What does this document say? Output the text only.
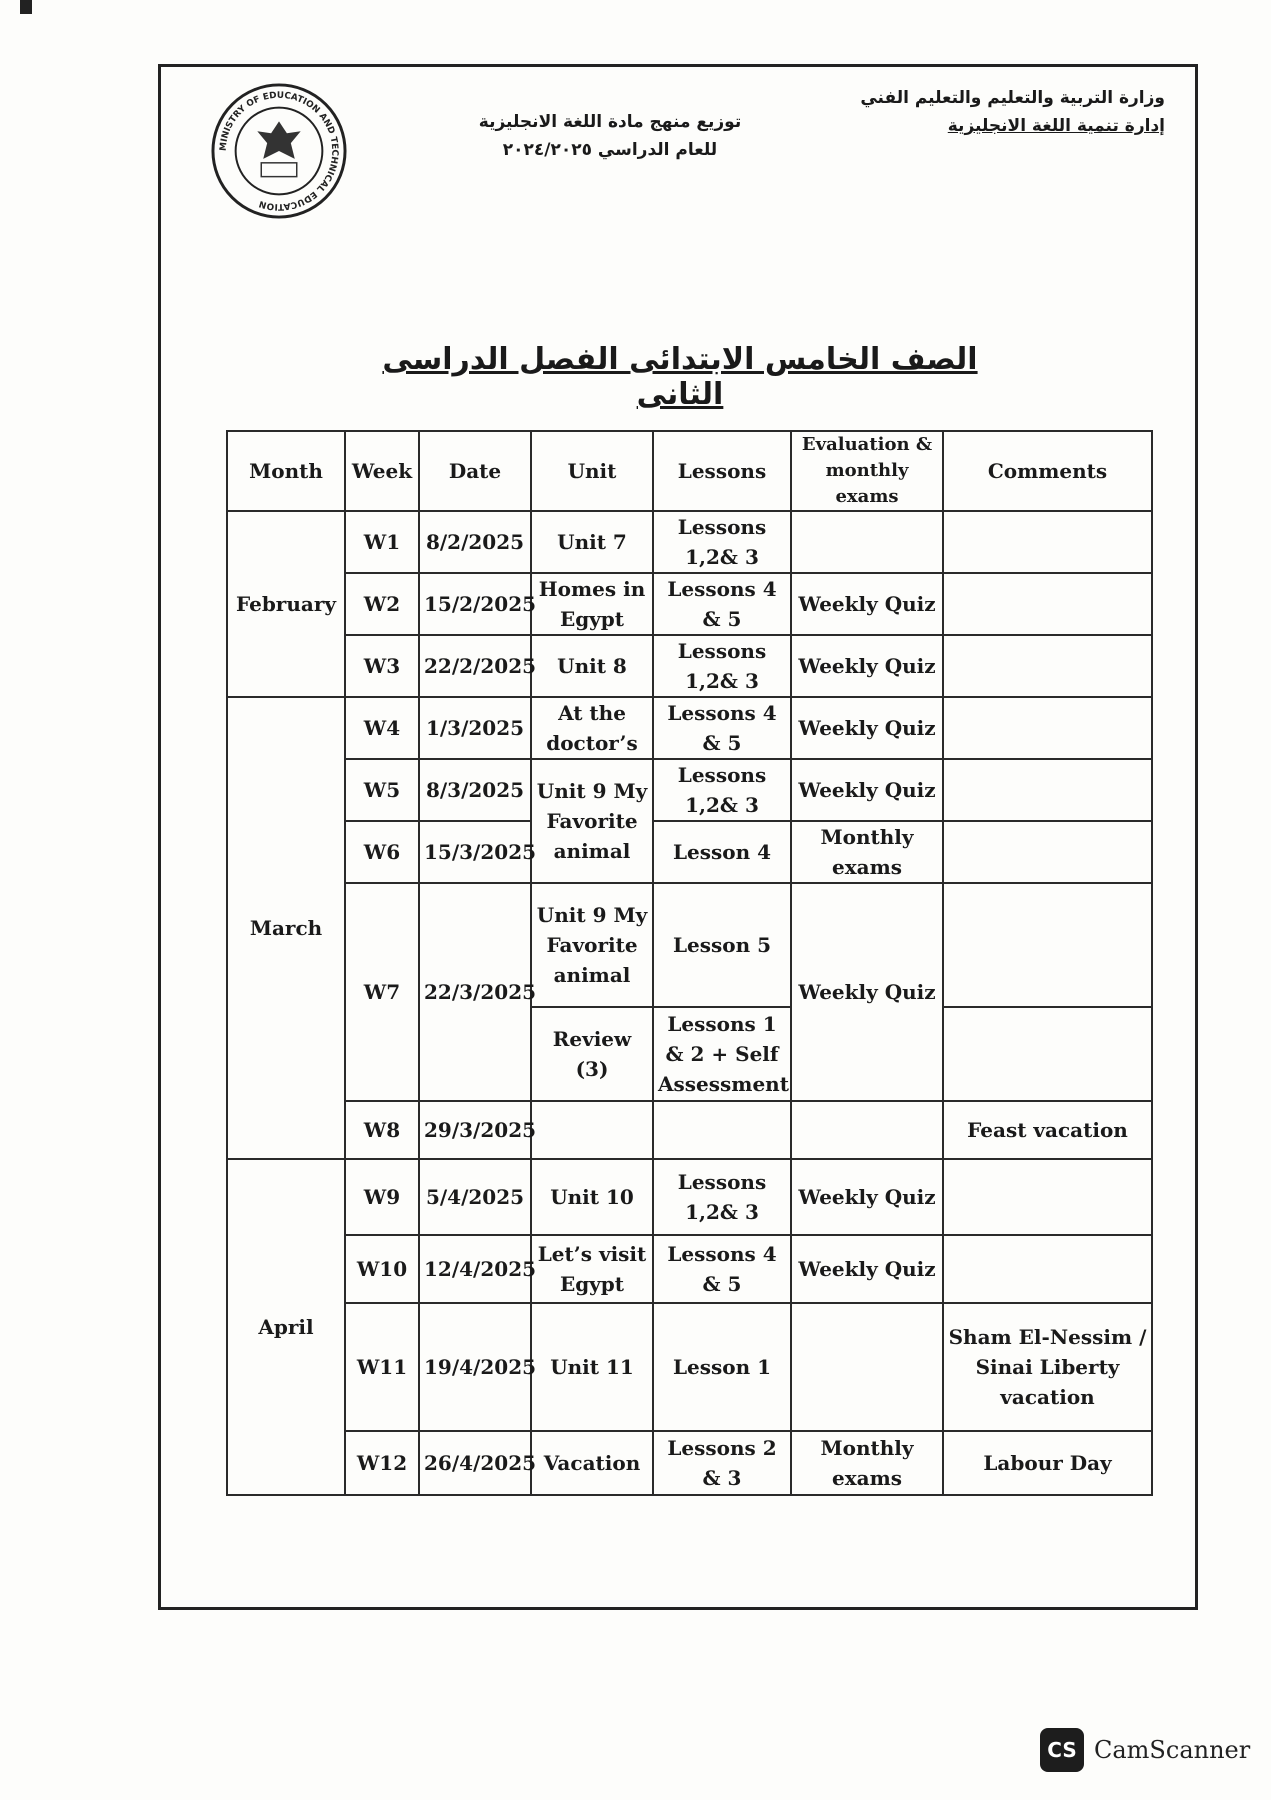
وزارة التربية والتعليم والتعليم الفني
إدارة تنمية اللغة الانجليزية
توزيع منهج مادة اللغة الانجليزية
للعام الدراسي ٢٠٢٤/٢٠٢٥
MINISTRY OF EDUCATION AND TECHNICAL EDUCATION
الصف الخامس الابتدائى الفصل الدراسى الثانى
Month	Week	Date	Unit	Lessons	Evaluation & monthly exams	Comments
February	W1	8/2/2025	Unit 7	Lessons 1,2& 3		
	W2	15/2/2025	Homes in Egypt	Lessons 4 & 5	Weekly Quiz	
	W3	22/2/2025	Unit 8	Lessons 1,2& 3	Weekly Quiz	
March	W4	1/3/2025	At the doctor’s	Lessons 4 & 5	Weekly Quiz	
	W5	8/3/2025	Unit 9 My Favorite animal	Lessons 1,2& 3	Weekly Quiz	
	W6	15/3/2025		Lesson 4	Monthly exams	
	W7	22/3/2025	Unit 9 My Favorite animal	Lesson 5	Weekly Quiz	
			Review (3)	Lessons 1 & 2 + Self Assessment		
	W8	29/3/2025				Feast vacation
April	W9	5/4/2025	Unit 10	Lessons 1,2& 3	Weekly Quiz	
	W10	12/4/2025	Let’s visit Egypt	Lessons 4 & 5	Weekly Quiz	
	W11	19/4/2025	Unit 11	Lesson 1		Sham El-Nessim / Sinai Liberty vacation
	W12	26/4/2025	Vacation	Lessons 2 & 3	Monthly exams	Labour Day
CS CamScanner
